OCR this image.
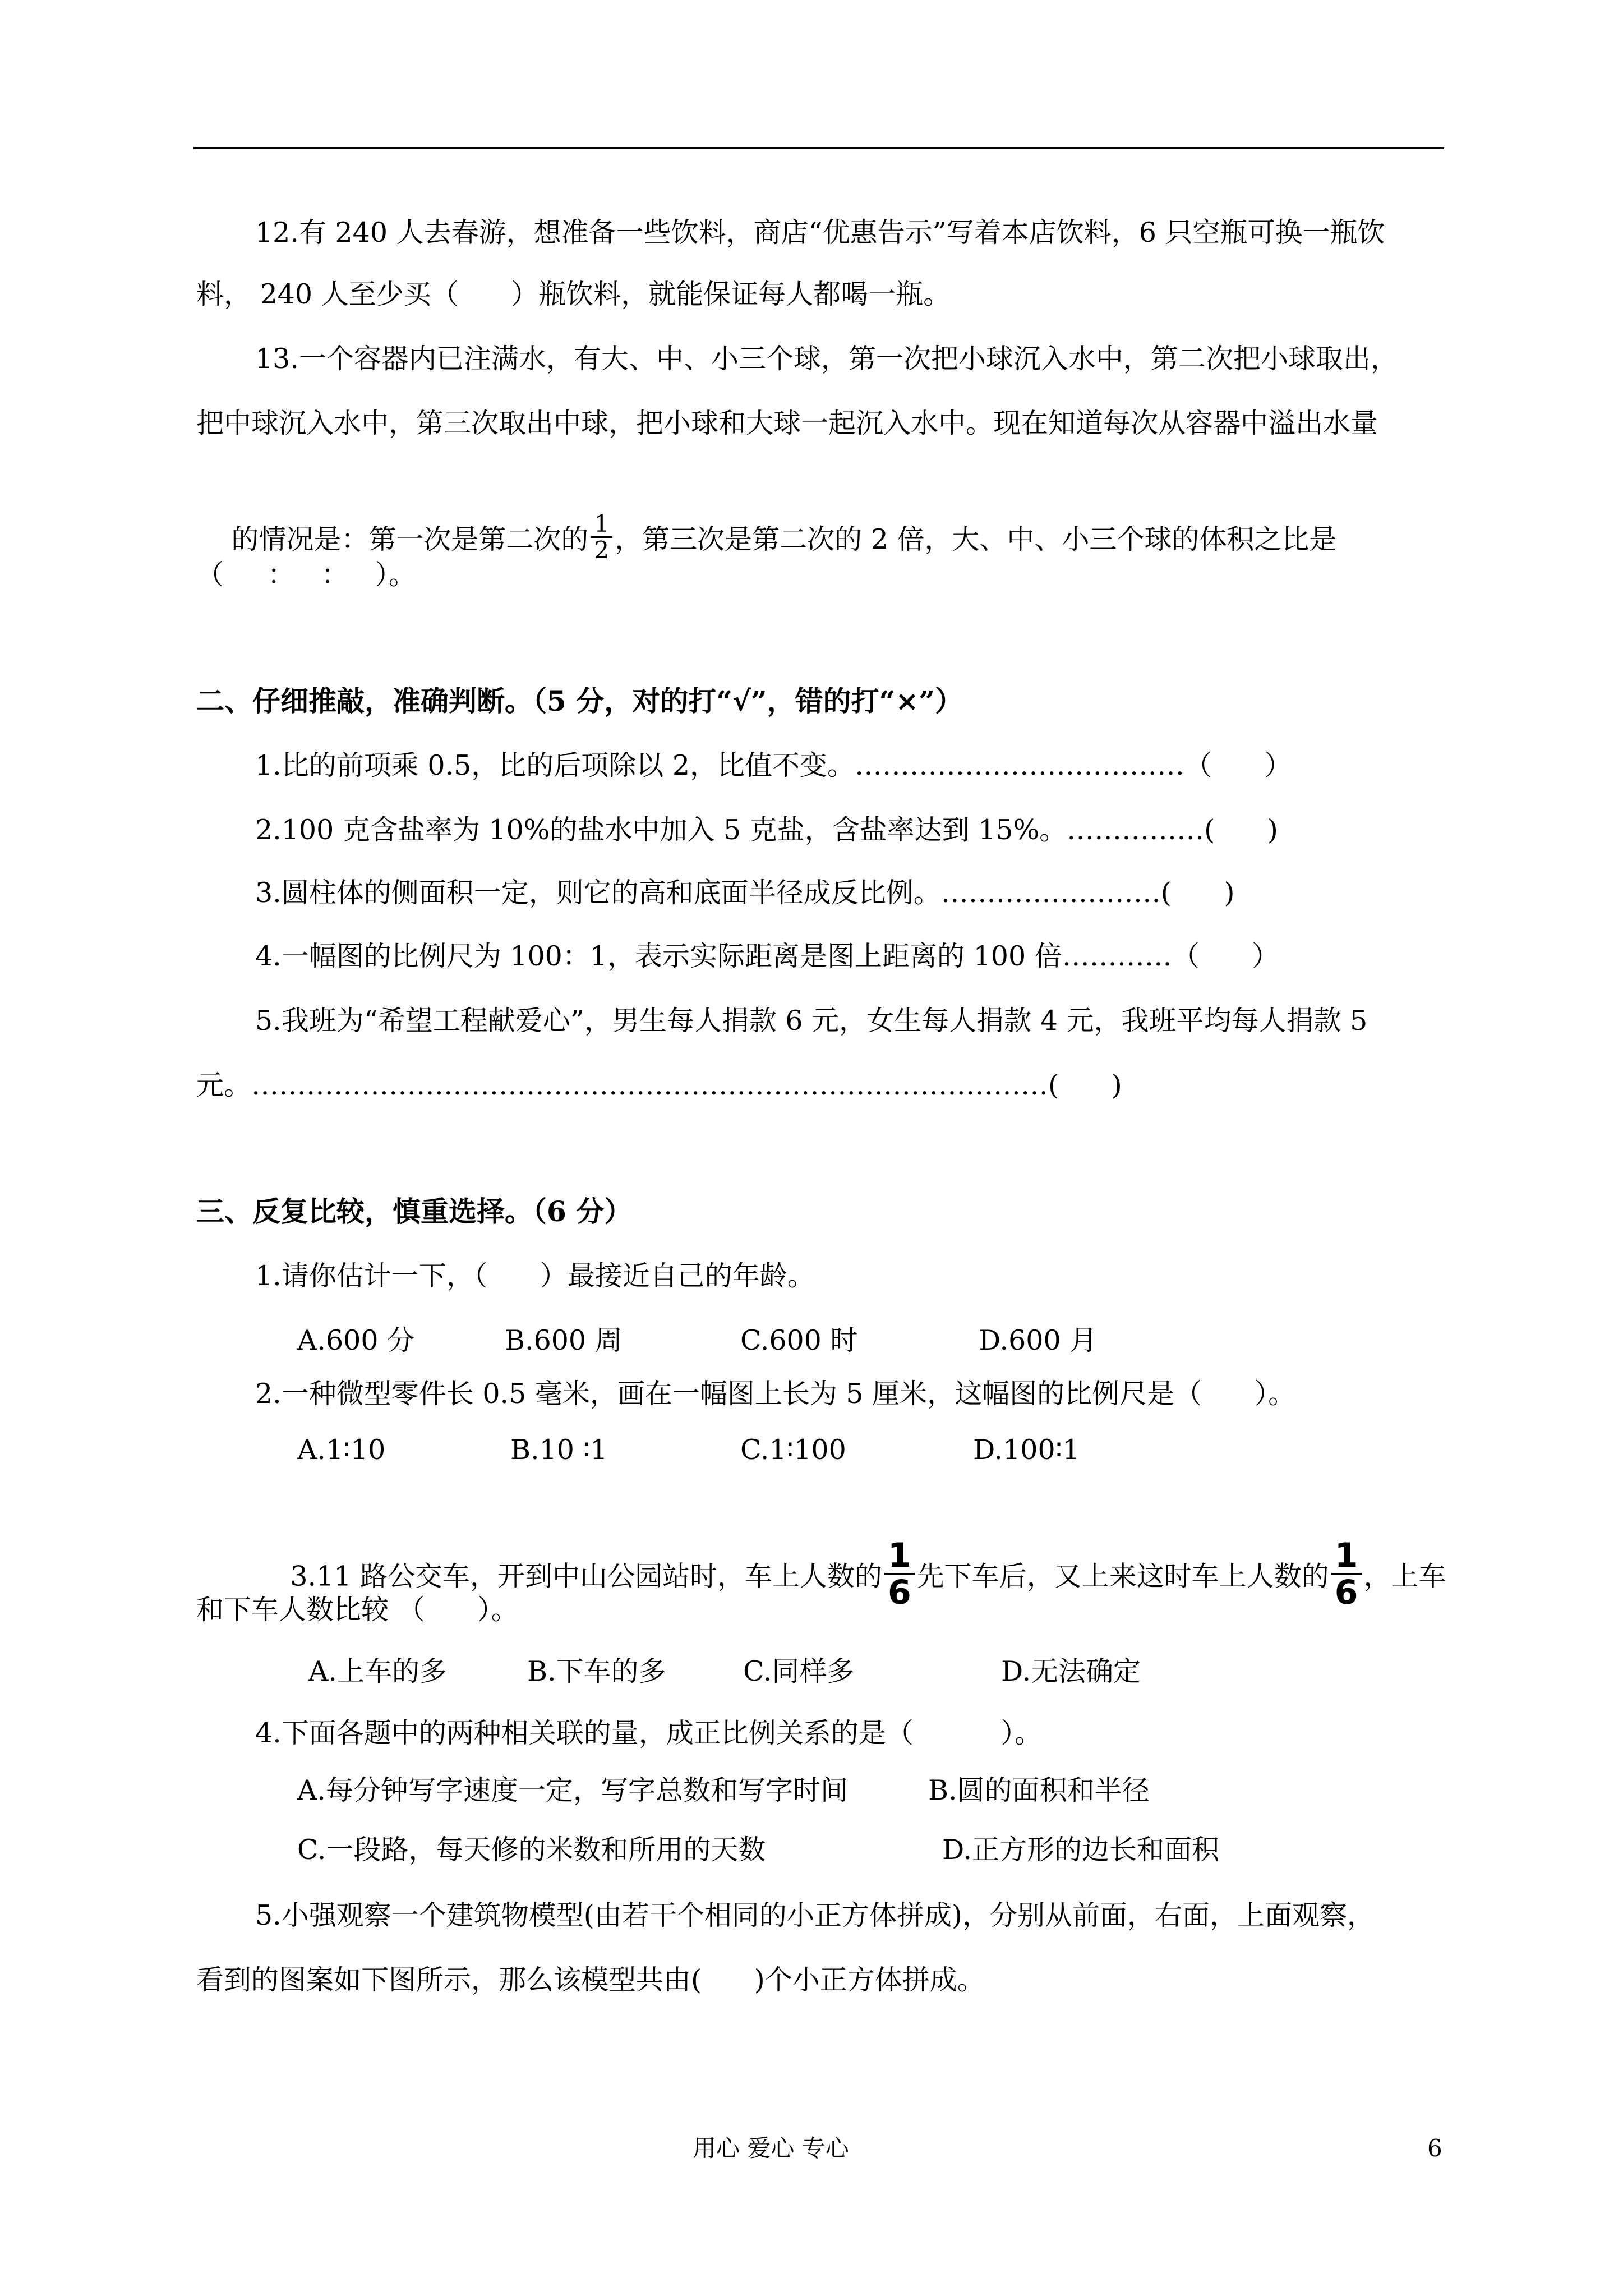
12.有 240 人去春游，想准备一些饮料，商店“优惠告示”写着本店饮料，6 只空瓶可换一瓶饮
料， 240 人至少买（      ）瓶饮料，就能保证每人都喝一瓶。
13.一个容器内已注满水，有大、中、小三个球，第一次把小球沉入水中，第二次把小球取出，
把中球沉入水中，第三次取出中球，把小球和大球一起沉入水中。现在知道每次从容器中溢出水量

的情况是：第一次是第二次的 $\frac{1}{2}$ ，第三次是第二次的 2 倍，大、中、小三个球的体积之比是

（     ：   ：   ）。
二、仔细推敲，准确判断。（5 分，对的打“√”，错的打“×”）
1.比的前项乘 0.5，比的后项除以 2，比值不变。………………………………（      ）
2.100 克含盐率为 10%的盐水中加入 5 克盐，含盐率达到 15%。……………(      )
3.圆柱体的侧面积一定，则它的高和底面半径成反比例。……………………(      )
4.一幅图的比例尺为 100：1，表示实际距离是图上距离的 100 倍…………（      ）
5.我班为“希望工程献爱心”，男生每人捐款 6 元，女生每人捐款 4 元，我班平均每人捐款 5
元。……………………………………………………………………………(      )
三、反复比较，慎重选择。（6 分）
1.请你估计一下，（      ）最接近自己的年龄。
A.600 分	B.600 周	C.600 时	D.600 月
2.一种微型零件长 0.5 毫米，画在一幅图上长为 5 厘米，这幅图的比例尺是（      ）。
A.1∶10	B.10 ∶1	C.1∶100	D.100∶1

3.11 路公交车，开到中山公园站时，车上人数的 $\frac{1}{6}$ 先下车后，又上来这时车上人数的 $\frac{1}{6}$ ，上车

和下车人数比较 （      ）。
A.上车的多	B.下车的多	C.同样多	D.无法确定
4.下面各题中的两种相关联的量，成正比例关系的是（          ）。
A.每分钟写字速度一定，写字总数和写字时间	B.圆的面积和半径
C.一段路，每天修的米数和所用的天数	D.正方形的边长和面积
5.小强观察一个建筑物模型(由若干个相同的小正方体拼成)，分别从前面，右面，上面观察，
看到的图案如下图所示，那么该模型共由(      )个小正方体拼成。
用心 爱心 专心	6
